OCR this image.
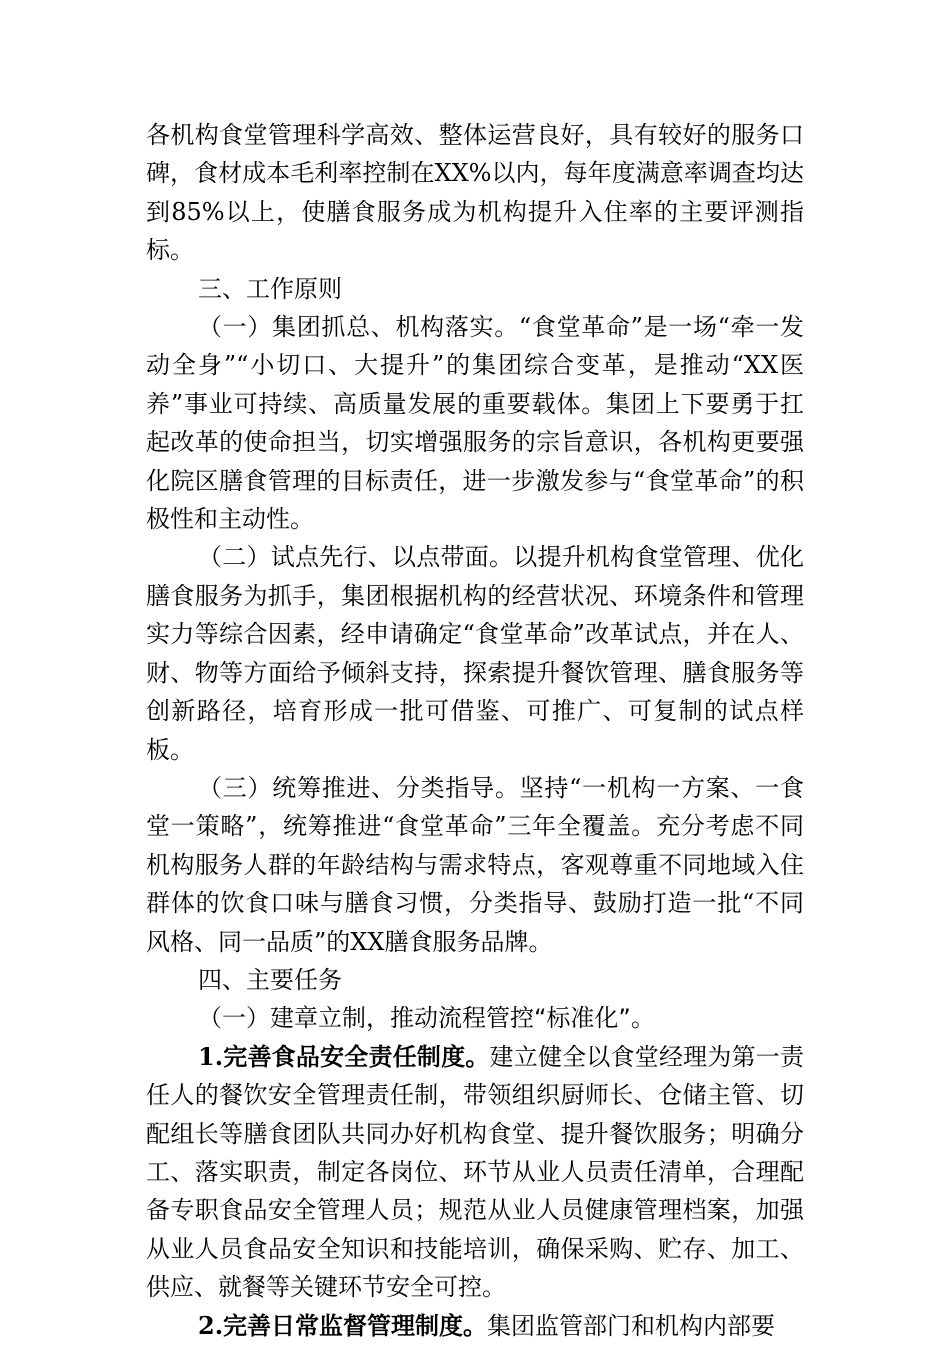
各机构食堂管理科学高效、整体运营良好，具有较好的服务口碑，食材成本毛利率控制在XX%以内，每年度满意率调查均达到85%以上，使膳食服务成为机构提升入住率的主要评测指标。

三、工作原则

（一）集团抓总、机构落实。“食堂革命”是一场“牵一发动全身”“小切口、大提升”的集团综合变革，是推动“XX医养”事业可持续、高质量发展的重要载体。集团上下要勇于扛起改革的使命担当，切实增强服务的宗旨意识，各机构更要强化院区膳食管理的目标责任，进一步激发参与“食堂革命”的积极性和主动性。

（二）试点先行、以点带面。以提升机构食堂管理、优化膳食服务为抓手，集团根据机构的经营状况、环境条件和管理实力等综合因素，经申请确定“食堂革命”改革试点，并在人、财、物等方面给予倾斜支持，探索提升餐饮管理、膳食服务等创新路径，培育形成一批可借鉴、可推广、可复制的试点样板。

（三）统筹推进、分类指导。坚持“一机构一方案、一食堂一策略”，统筹推进“食堂革命”三年全覆盖。充分考虑不同机构服务人群的年龄结构与需求特点，客观尊重不同地域入住群体的饮食口味与膳食习惯，分类指导、鼓励打造一批“不同风格、同一品质”的XX膳食服务品牌。

四、主要任务

（一）建章立制，推动流程管控“标准化”。

1.完善食品安全责任制度。建立健全以食堂经理为第一责任人的餐饮安全管理责任制，带领组织厨师长、仓储主管、切配组长等膳食团队共同办好机构食堂、提升餐饮服务；明确分工、落实职责，制定各岗位、环节从业人员责任清单，合理配备专职食品安全管理人员；规范从业人员健康管理档案，加强从业人员食品安全知识和技能培训，确保采购、贮存、加工、供应、就餐等关键环节安全可控。

2.完善日常监督管理制度。集团监管部门和机构内部要
